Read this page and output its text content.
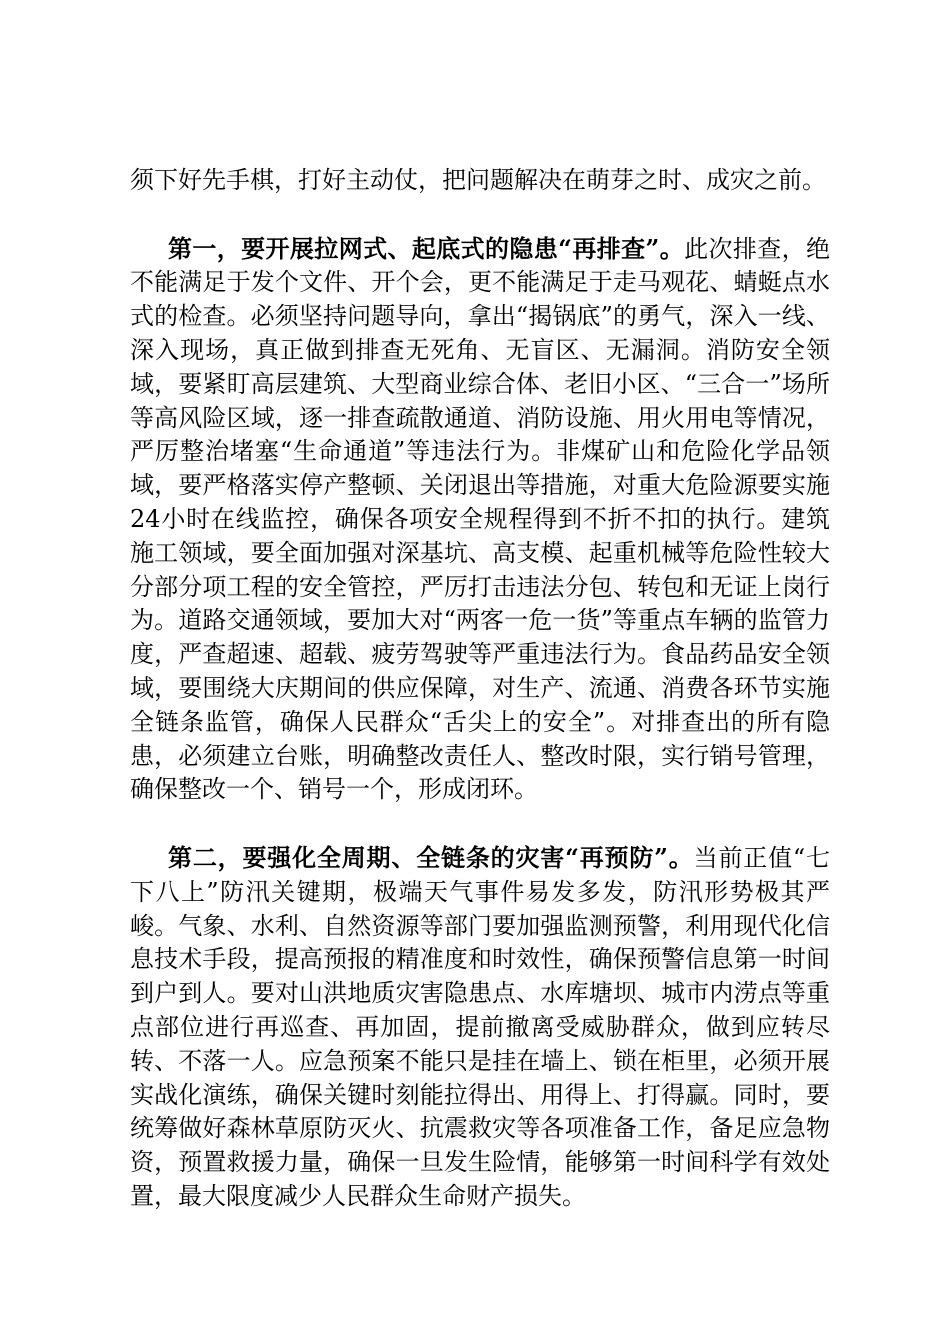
须下好先手棋，打好主动仗，把问题解决在萌芽之时、成灾之前。

第一，要开展拉网式、起底式的隐患“再排查”。此次排查，绝不能满足于发个文件、开个会，更不能满足于走马观花、蜻蜓点水式的检查。必须坚持问题导向，拿出“揭锅底”的勇气，深入一线、深入现场，真正做到排查无死角、无盲区、无漏洞。消防安全领域，要紧盯高层建筑、大型商业综合体、老旧小区、“三合一”场所等高风险区域，逐一排查疏散通道、消防设施、用火用电等情况，严厉整治堵塞“生命通道”等违法行为。非煤矿山和危险化学品领域，要严格落实停产整顿、关闭退出等措施，对重大危险源要实施24小时在线监控，确保各项安全规程得到不折不扣的执行。建筑施工领域，要全面加强对深基坑、高支模、起重机械等危险性较大分部分项工程的安全管控，严厉打击违法分包、转包和无证上岗行为。道路交通领域，要加大对“两客一危一货”等重点车辆的监管力度，严查超速、超载、疲劳驾驶等严重违法行为。食品药品安全领域，要围绕大庆期间的供应保障，对生产、流通、消费各环节实施全链条监管，确保人民群众“舌尖上的安全”。对排查出的所有隐患，必须建立台账，明确整改责任人、整改时限，实行销号管理，确保整改一个、销号一个，形成闭环。

第二，要强化全周期、全链条的灾害“再预防”。当前正值“七下八上”防汛关键期，极端天气事件易发多发，防汛形势极其严峻。气象、水利、自然资源等部门要加强监测预警，利用现代化信息技术手段，提高预报的精准度和时效性，确保预警信息第一时间到户到人。要对山洪地质灾害隐患点、水库塘坝、城市内涝点等重点部位进行再巡查、再加固，提前撤离受威胁群众，做到应转尽转、不落一人。应急预案不能只是挂在墙上、锁在柜里，必须开展实战化演练，确保关键时刻能拉得出、用得上、打得赢。同时，要统筹做好森林草原防灭火、抗震救灾等各项准备工作，备足应急物资，预置救援力量，确保一旦发生险情，能够第一时间科学有效处置，最大限度减少人民群众生命财产损失。
